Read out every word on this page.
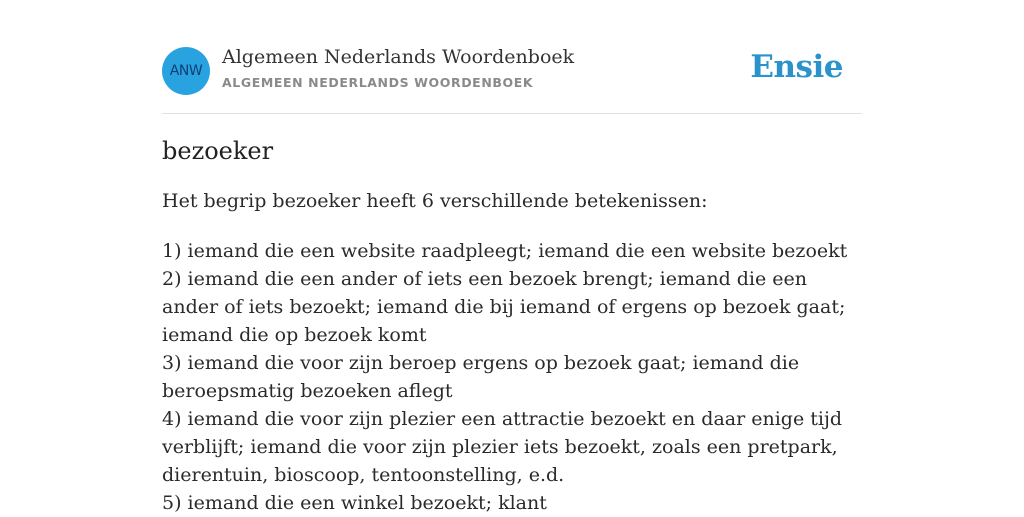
ANW
Algemeen Nederlands Woordenboek
ALGEMEEN NEDERLANDS WOORDENBOEK	Ensie
bezoeker

Het begrip bezoeker heeft 6 verschillende betekenissen:

1) iemand die een website raadpleegt; iemand die een website bezoekt
2) iemand die een ander of iets een bezoek brengt; iemand die een ander of iets bezoekt; iemand die bij iemand of ergens op bezoek gaat; iemand die op bezoek komt
3) iemand die voor zijn beroep ergens op bezoek gaat; iemand die beroepsmatig bezoeken aflegt
4) iemand die voor zijn plezier een attractie bezoekt en daar enige tijd verblijft; iemand die voor zijn plezier iets bezoekt, zoals een pretpark, dierentuin, bioscoop, tentoonstelling, e.d.
5) iemand die een winkel bezoekt; klant
